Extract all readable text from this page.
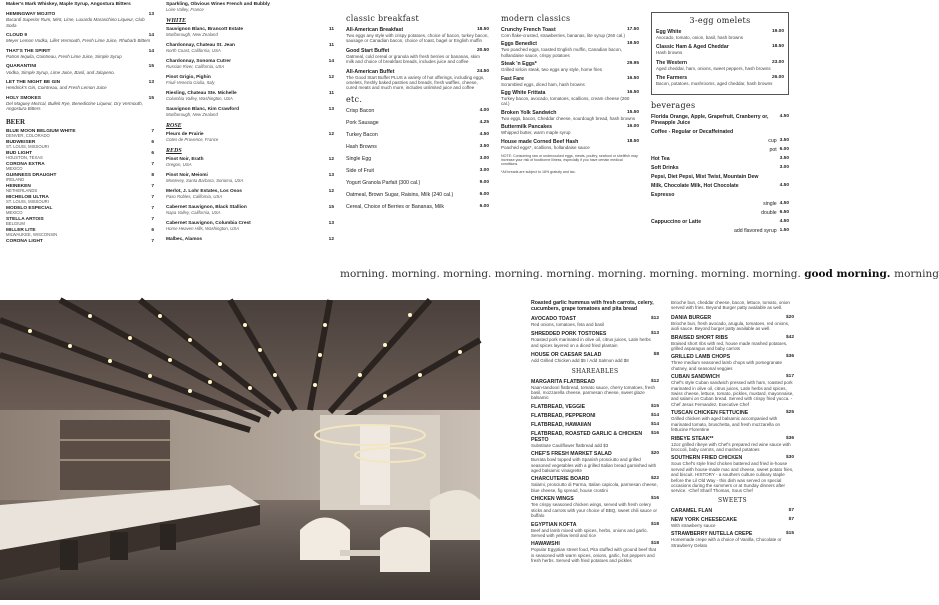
Maker's Mark Whiskey, Maple Syrup, Angostura Bitters
HEMINGWAY MOJITO	13
Bacardi Superior Rum, Mint, Lime, Luxardo Maraschino Liqueur, Club Soda
CLOUD 9	14
Meyer Lemon Vodka, Lillet Vermouth, Fresh Lime Juice, Rhubarb Bitters
THAT'S THE SPIRIT	14
Patron tequila, Cointreau, Fresh Lime Juice, Simple Syrup
QUARANTINI	15
Vodka, Simple Syrup, Lime Juice, Basil, and Jalapeno.
LET THE NIGHT BE GIN	13
Hendrick's Gin, Cointreau, and Fresh Lemon Juice
HOLY SMOKES	15
Del Maguey Mezcal, Bulleit Rye, Benedictine Liqueur, Dry Vermouth, Angostura Bitters
BEER
BLUE MOON BELGIUM WHITE	7
DENVER, COLORADO
BUDWEISER	6
ST. LOUIS, MISSOURI
BUD LIGHT	6
HOUSTON, TEXAS
CORONA EXTRA	7
MEXICO
GUINNESS DRAUGHT	8
IRELAND
HEINEKEN	7
NETHERLANDS
MICHELOB ULTRA	7
ST. LOUIS, MISSOURI
MODELO ESPECIAL	7
MEXICO
STELLA ARTOIS	7
BELGIUM
MILLER LITE	6
MILWAUKEE, WISCONSIN
CORONA LIGHT	7
Sparkling, Obvious Wines French and Bubbly
Loire Valley, France
WHITE
Sauvignon Blanc, Brancott Estate	11
Marlborough, New Zealand
Chardonnay, Chateau St. Jean	11
North Coast, California, USA
Chardonnay, Sonoma Cutrer	14
Russian River, California, USA
Pinot Grigio, Pighin	12
Friuli-Venezia Giulia, Italy
Riesling, Chateau Ste. Michelle	11
Columbia Valley, Washington, USA
Sauvignon Blanc, Kim Crawford	13
Marlborough, New Zealand
ROSE
Fleurs de Prairie	12
Cotes de Provence, France
REDS
Pinot Noir, Erath	12
Oregon, USA
Pinot Noir, Meiomi	13
Monterey, Santa Barbara, Sonoma, USA
Merlot, J. Lohr Estates, Los Osos	12
Paso Robles, California, USA
Cabernet Sauvignon, Black Stallion	15
Napa Valley, California, USA
Cabernet Sauvignon, Columbia Crest	13
Horse Heaven Hills, Washington, USA
Malbec, Alamos	12
classic breakfast
All-American Breakfast	18.50
Two eggs any style with crispy potatoes, choice of bacon, turkey bacon, sausage or Canadian bacon, choice of toast, bagel or English muffin
Good Start Buffet	20.50
Oatmeal, cold cereal or granola with fresh berries or bananas, skim milk and choice of breakfast breads, includes juice and coffee
All-American Buffet	24.50
The Good Start Buffet PLUS a variety of hot offerings, including eggs, omelets, freshly baked pastries and breads, fresh waffles, cheese, cured meats and much more, includes unlimited juice and coffee
etc.
Crisp Bacon	4.00
Pork Sausage	4.25
Turkey Bacon	4.50
Hash Browns	3.50
Single Egg	3.00
Side of Fruit	3.00
Yogurt Granola Parfait (300 cal.)	9.00
Oatmeal, Brown Sugar, Raisins, Milk (240 cal.)	6.00
Cereal, Choice of Berries or Bananas, Milk	6.00
modern classics
Crunchy French Toast	17.50
Corn flake-crusted, strawberries, bananas, lite syrup (260 cal.)
Eggs Benedict	19.50
Two poached eggs, toasted English muffin, Canadian bacon, hollandaise sauce, crispy potatoes
Steak 'n Eggs*	29.95
Grilled sirloin steak, two eggs any style, home fries
Fast Fare	16.50
Scrambled eggs, diced ham, hash browns
Egg White Frittata	16.50
Turkey bacon, avocado, tomatoes, scallions, cream cheese (260 cal.)
Broken Yolk Sandwich	15.50
Two eggs, bacon, Cheddar cheese, sourdough bread, hash browns
Buttermilk Pancakes	16.00
Whipped butter, warm maple syrup
House made Corned Beef Hash	18.50
Poached eggs*, scallions, hollandaise sauce
NOTE: Consuming raw or undercooked eggs, meats, poultry, seafood or shellfish may increase your risk of foodborne illness, especially if you have certain medical conditions.
*All breads are subject to 18% gratuity and tax.
3-egg omelets
Egg White	19.00
Avocado, tomato, onion, basil, hash browns
Classic Ham & Aged Cheddar	18.50
Hash browns
The Western	23.00
Aged cheddar, ham, onions, sweet peppers, hash browns
The Farmers	26.00
Bacon, potatoes, mushrooms, aged cheddar, hash browns
beverages
Florida Orange, Apple, Grapefruit, Cranberry or, Pineapple Juice
4.50
Coffee - Regular or Decaffeinated
cup 3.50
pot 6.00
Hot Tea	3.50
Soft Drinks	3.00
Pepsi, Diet Pepsi, Mist Twist, Mountain Dew
Milk, Chocolate Milk, Hot Chocolate	4.50
Espresso
single 4.50
double 6.50
Cappuccino or Latte	4.50
add flavored syrup 1.50
morning. morning. morning. morning. morning. morning. morning. morning. morning. good morning. morning
Roasted garlic hummus with fresh carrots, celery, cucumbers, grape tomatoes and pita bread
AVOCADO TOAST	$12
Red onions, tomatoes, feta and basil
SHREDDED PORK TOSTONES	$13
Roasted pork marinated in olive oil, citrus juices, Latin herbs and spices layered on a diced fried plantain
HOUSE OR CAESAR SALAD	$8
Add Grilled Chicken add $5 / Add Salmon add $8
SHAREABLES
MARGARITA FLATBREAD	$12
Naan-tandoori flatbread, tomato sauce, cherry tomatoes, fresh basil, mozzarella cheese, parmesan cheese, sweet glaze balsamic
FLATBREAD, VEGGIE	$15
FLATBREAD, PEPPERONI	$14
FLATBREAD, HAWAIIAN	$14
FLATBREAD, ROASTED GARLIC & CHICKEN PESTO
$16
Substitute Cauliflower flatbread add $3
CHEF'S FRESH MARKET SALAD	$20
Burrata bowl topped with Spanish prosciutto and grilled seasoned vegetables with a grilled Italian bread garnished with aged balsamic vinaigrette
CHARCUTERIE BOARD	$22
Salami, prosciutto di Parma, Italian capicola, parmesan cheese, blue cheese, fig spread, house crostini
CHICKEN WINGS	$16
Ten crispy seasoned chicken wings, served with fresh celery sticks and carrots with your choice of BBQ, sweet chili sauce or buffalo
EGYPTIAN KOFTA	$18
Beef and lamb mixed with spices, herbs, onions and garlic. Served with yellow lentil and rice
HAWAWSHI	$18
Popular Egyptian street food, Pita stuffed with ground beef that is seasoned with warm spices, onions, garlic, hot peppers and fresh herbs. Served with fried potatoes and pickles
Brioche bun, cheddar cheese, bacon, lettuce, tomato, onion served with fries. Beyond Burger patty available as well.
DANIA BURGER	$20
Brioche bun, fresh avocado, arugula, tomatoes, red onions, aioli sauce. Beyond burger patty available as well.
BRAISED SHORT RIBS	$42
Braised short ribs with red, house made mashed potatoes, grilled asparagus and baby carrots
GRILLED LAMB CHOPS	$36
Three medium seasoned lamb chops with pomegranate chutney, and seasonal veggies
CUBAN SANDWICH	$17
Chef's style Cuban sandwich pressed with ham, roasted pork marinated in olive oil, citrus juices, Latin herbs and spices, Swiss cheese, lettuce, tomato, pickles, mustard, mayonnaise, and salami on Cuban bread. Served with crispy fried yucca. -Chef Jesus Fernandez, Executive Chef
TUSCAN CHICKEN FETTUCINE	$25
Grilled chicken with aged balsamic accompanied with marinated tomato, bruschetta, and fresh mozzarella on fettucine Florentine
RIBEYE STEAK**	$36
12oz grilled ribeye with Chef's prepared red wine sauce with broccoli, baby carrots, and mashed potatoes
SOUTHERN FRIED CHICKEN	$30
Sous Chef's style fried chicken battered and fried in-house served with house-made mac and cheese, sweet potato fries, and biscuit. HISTORY - a southern culture culinary staple before the Lil Old Way - this dish was served on special occasions during the summers or at Sunday dinners after service. -Chef Sharif Thomas, Sous Chef
SWEETS
CARAMEL FLAN	$7
NEW YORK CHEESECAKE	$7
With strawberry sauce
STRAWBERRY NUTELLA CREPE	$15
Homemade crepe with a choice of Vanilla, Chocolate or Strawberry Gelato
